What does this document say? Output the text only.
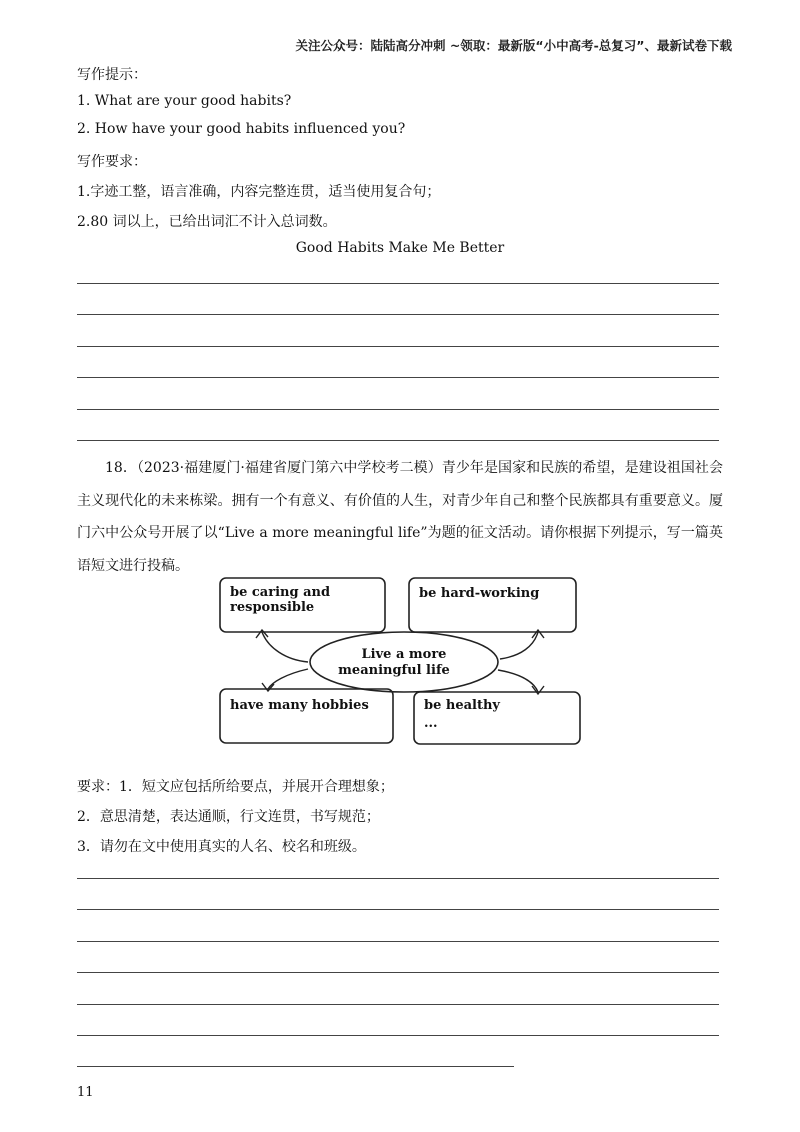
关注公众号：陆陆高分冲刺 ~领取：最新版“小中高考-总复习”、最新试卷下载
写作提示：
1. What are your good habits?
2. How have your good habits influenced you?
写作要求：
1.字迹工整，语言准确，内容完整连贯，适当使用复合句；
2.80 词以上，已给出词汇不计入总词数。
Good Habits Make Me Better
18．（2023·福建厦门·福建省厦门第六中学校考二模）青少年是国家和民族的希望，是建设祖国社会主义现代化的未来栋梁。拥有一个有意义、有价值的人生，对青少年自己和整个民族都具有重要意义。厦门六中公众号开展了以“Live a more meaningful life”为题的征文活动。请你根据下列提示，写一篇英语短文进行投稿。
be caring and
responsible
be hard-working
have many hobbies	be healthy
...
Live a more
meaningful life
要求：1．短文应包括所给要点，并展开合理想象；
2．意思清楚，表达通顺，行文连贯，书写规范；
3．请勿在文中使用真实的人名、校名和班级。
11
